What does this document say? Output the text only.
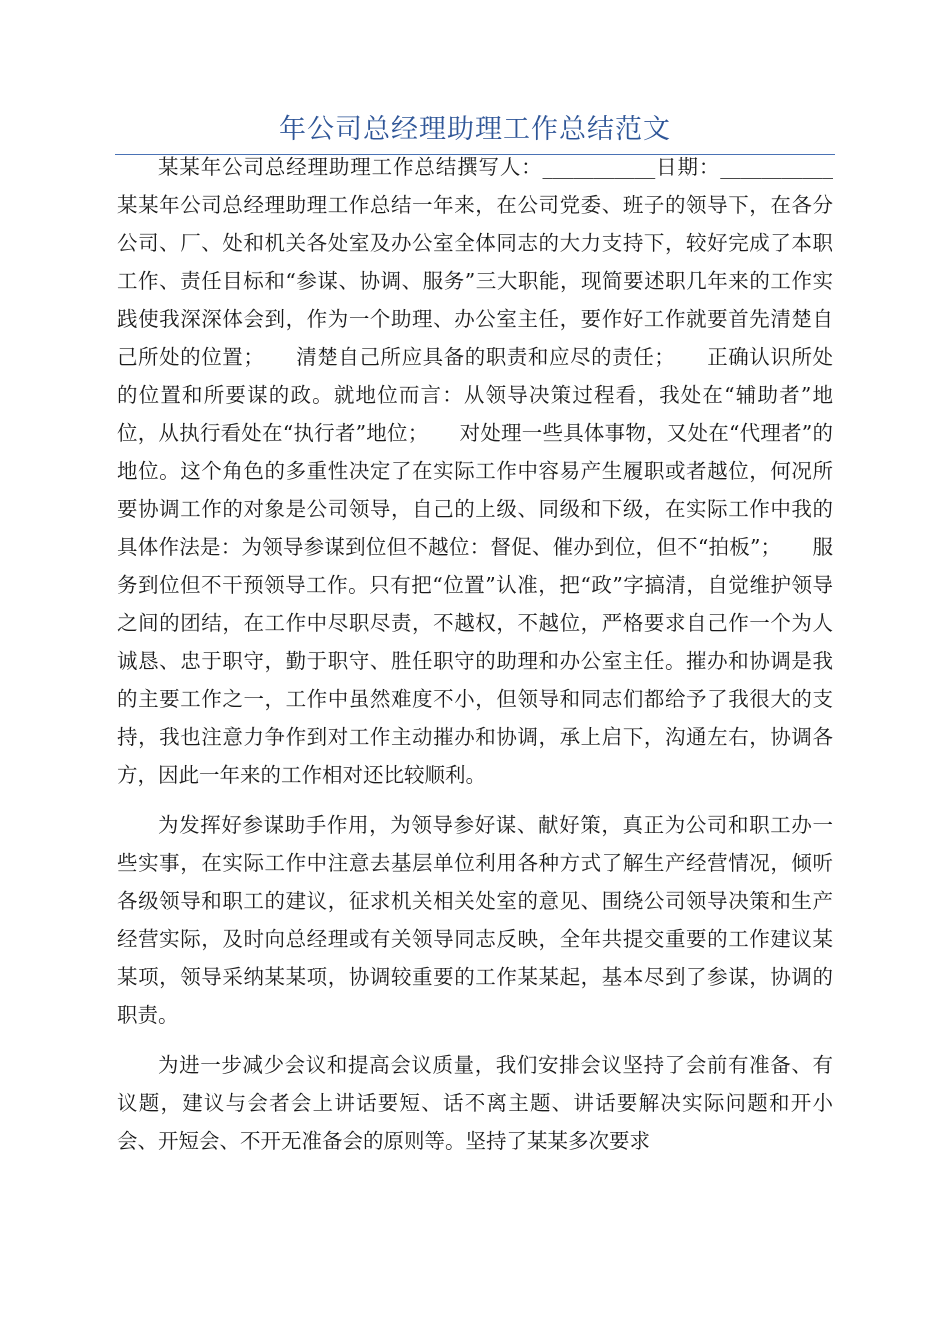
年公司总经理助理工作总结范文

某某年公司总经理助理工作总结撰写人：___________日期：___________某某年公司总经理助理工作总结一年来，在公司党委、班子的领导下，在各分公司、厂、处和机关各处室及办公室全体同志的大力支持下，较好完成了本职工作、责任目标和“参谋、协调、服务”三大职能，现简要述职几年来的工作实践使我深深体会到，作为一个助理、办公室主任，要作好工作就要首先清楚自己所处的位置；　　清楚自己所应具备的职责和应尽的责任；　　正确认识所处的位置和所要谋的政。就地位而言：从领导决策过程看，我处在“辅助者”地位，从执行看处在“执行者”地位；　　对处理一些具体事物，又处在“代理者”的地位。这个角色的多重性决定了在实际工作中容易产生履职或者越位，何况所要协调工作的对象是公司领导，自己的上级、同级和下级，在实际工作中我的具体作法是：为领导参谋到位但不越位：督促、催办到位，但不“拍板”；　　服务到位但不干预领导工作。只有把“位置”认准，把“政”字搞清，自觉维护领导之间的团结，在工作中尽职尽责，不越权，不越位，严格要求自己作一个为人诚恳、忠于职守，勤于职守、胜任职守的助理和办公室主任。摧办和协调是我的主要工作之一，工作中虽然难度不小，但领导和同志们都给予了我很大的支持，我也注意力争作到对工作主动摧办和协调，承上启下，沟通左右，协调各方，因此一年来的工作相对还比较顺利。

为发挥好参谋助手作用，为领导参好谋、献好策，真正为公司和职工办一些实事，在实际工作中注意去基层单位利用各种方式了解生产经营情况，倾听各级领导和职工的建议，征求机关相关处室的意见、围绕公司领导决策和生产经营实际，及时向总经理或有关领导同志反映，全年共提交重要的工作建议某某项，领导采纳某某项，协调较重要的工作某某起，基本尽到了参谋，协调的职责。

为进一步减少会议和提高会议质量，我们安排会议坚持了会前有准备、有议题，建议与会者会上讲话要短、话不离主题、讲话要解决实际问题和开小会、开短会、不开无准备会的原则等。坚持了某某多次要求
